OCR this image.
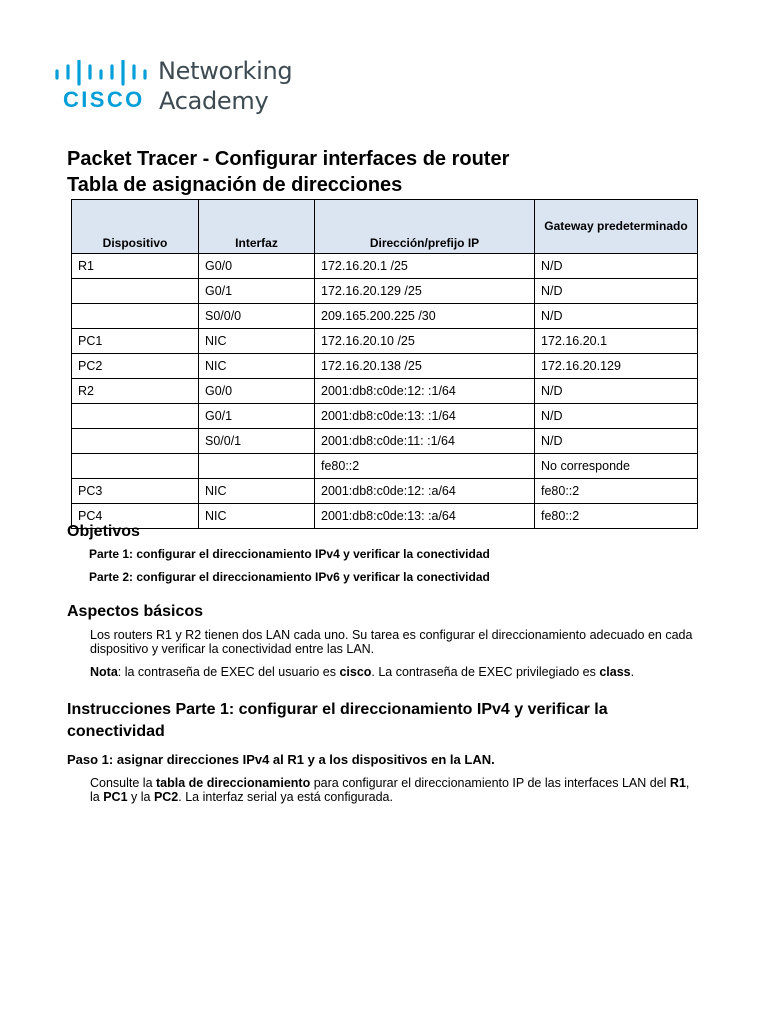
CISCO
Networking
Academy
Packet Tracer - Configurar interfaces de router
Tabla de asignación de direcciones
Dispositivo	Interfaz	Dirección/prefijo IP	Gateway predeterminado
R1	G0/0	172.16.20.1 /25	N/D
	G0/1	172.16.20.129 /25	N/D
	S0/0/0	209.165.200.225 /30	N/D
PC1	NIC	172.16.20.10 /25	172.16.20.1
PC2	NIC	172.16.20.138 /25	172.16.20.129
R2	G0/0	2001:db8:c0de:12: :1/64	N/D
	G0/1	2001:db8:c0de:13: :1/64	N/D
	S0/0/1	2001:db8:c0de:11: :1/64	N/D
		fe80::2	No corresponde
PC3	NIC	2001:db8:c0de:12: :a/64	fe80::2
PC4	NIC	2001:db8:c0de:13: :a/64	fe80::2
Objetivos

Parte 1: configurar el direccionamiento IPv4 y verificar la conectividad

Parte 2: configurar el direccionamiento IPv6 y verificar la conectividad

Aspectos básicos

Los routers R1 y R2 tienen dos LAN cada uno. Su tarea es configurar el direccionamiento adecuado en cada dispositivo y verificar la conectividad entre las LAN.

Nota: la contraseña de EXEC del usuario es cisco. La contraseña de EXEC privilegiado es class.

Instrucciones Parte 1: configurar el direccionamiento IPv4 y verificar la conectividad
Paso 1: asignar direcciones IPv4 al R1 y a los dispositivos en la LAN.

Consulte la tabla de direccionamiento para configurar el direccionamiento IP de las interfaces LAN del R1, la PC1 y la PC2. La interfaz serial ya está configurada.
